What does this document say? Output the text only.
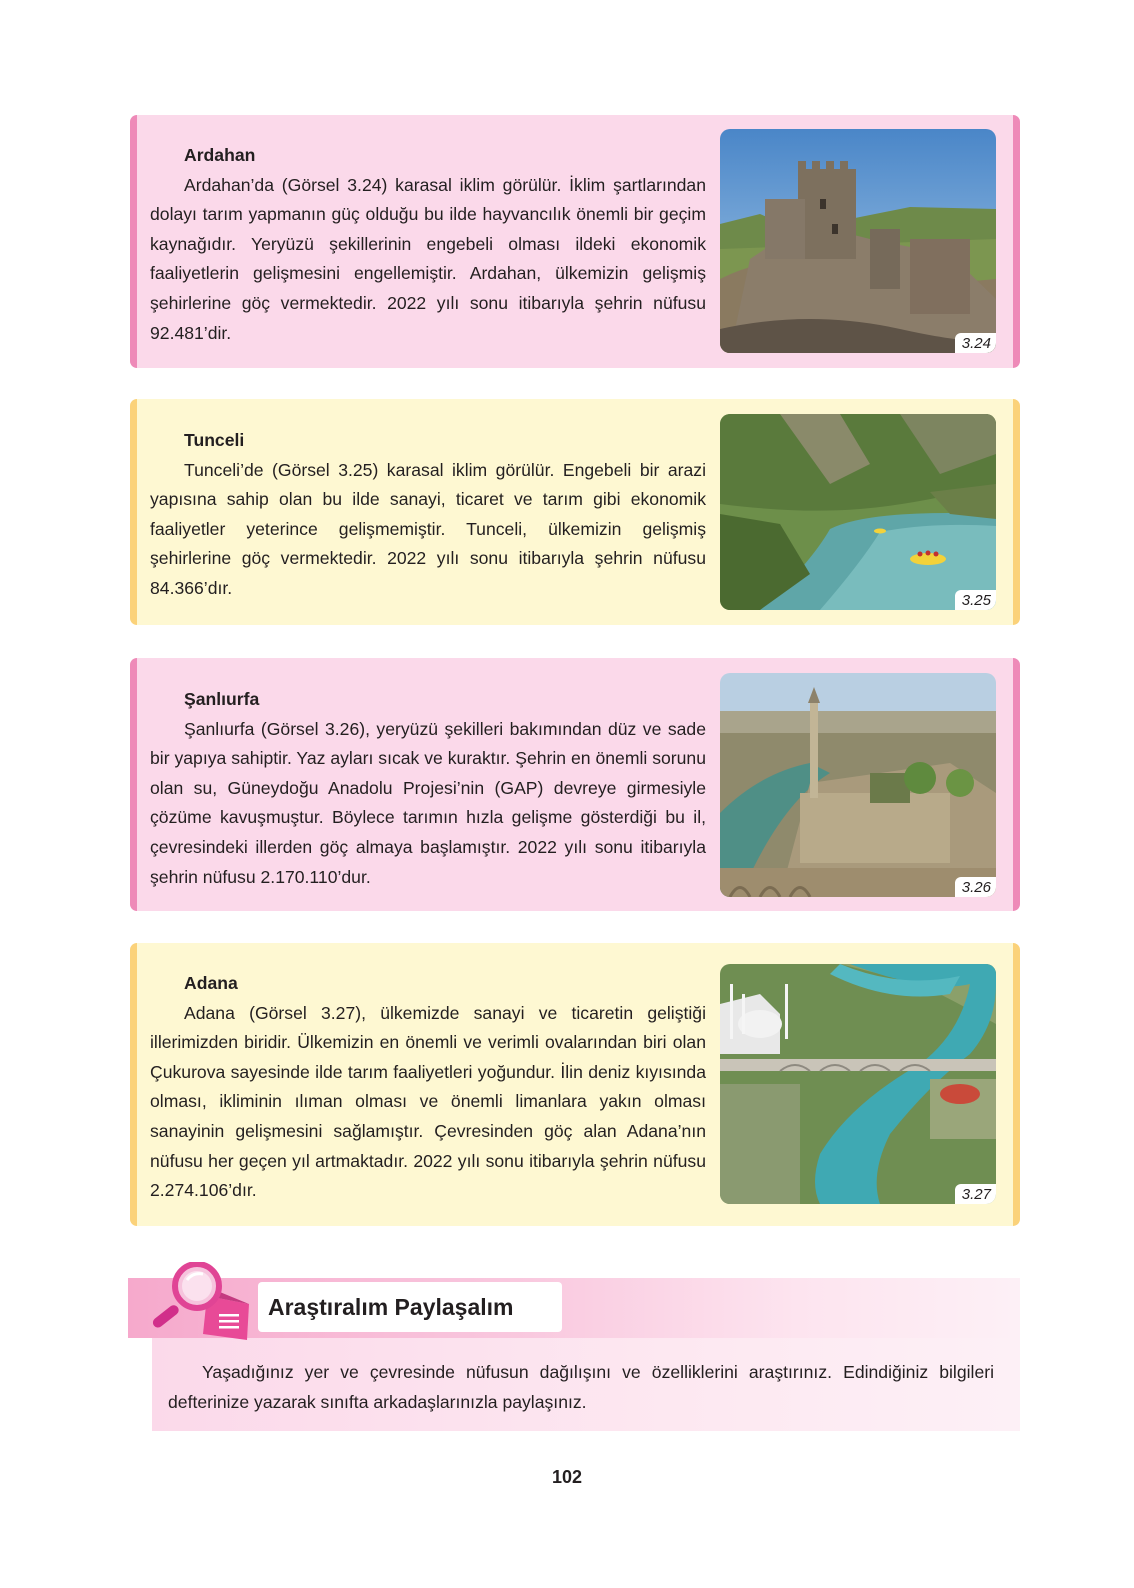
Ardahan

Ardahan’da (Görsel 3.24) karasal iklim görülür. İklim şartlarından dolayı tarım yapmanın güç olduğu bu ilde hayvancılık önemli bir geçim kaynağıdır. Yeryüzü şekillerinin engebeli olması ildeki ekonomik faaliyetlerin gelişmesini engellemiştir. Ardahan, ülkemizin gelişmiş şehirlerine göç vermektedir. 2022 yılı sonu itibarıyla şehrin nüfusu 92.481’dir.

3.24
Tunceli

Tunceli’de (Görsel 3.25) karasal iklim görülür. Engebeli bir arazi yapısına sahip olan bu ilde sanayi, ticaret ve tarım gibi ekonomik faaliyetler yeterince gelişmemiştir. Tunceli, ülkemizin gelişmiş şehirlerine göç vermektedir. 2022 yılı sonu itibarıyla şehrin nüfusu 84.366’dır.

3.25
Şanlıurfa

Şanlıurfa (Görsel 3.26), yeryüzü şekilleri bakımından düz ve sade bir yapıya sahiptir. Yaz ayları sıcak ve kuraktır. Şehrin en önemli sorunu olan su, Güneydoğu Anadolu Projesi’nin (GAP) devreye girmesiyle çözüme kavuşmuştur. Böylece tarımın hızla gelişme gösterdiği bu il, çevresindeki illerden göç almaya başlamıştır. 2022 yılı sonu itibarıyla şehrin nüfusu 2.170.110’dur.

3.26
Adana

Adana (Görsel 3.27), ülkemizde sanayi ve ticaretin geliştiği illerimizden biridir. Ülkemizin en önemli ve verimli ovalarından biri olan Çukurova sayesinde ilde tarım faaliyetleri yoğundur. İlin deniz kıyısında olması, ikliminin ılıman olması ve önemli limanlara yakın olması sanayinin gelişmesini sağlamıştır. Çevresinden göç alan Adana’nın nüfusu her geçen yıl artmaktadır. 2022 yılı sonu itibarıyla şehrin nüfusu 2.274.106’dır.	3.27

Yaşadığınız yer ve çevresinde nüfusun dağılışını ve özelliklerini araştırınız. Edindiğiniz bilgileri defterinize yazarak sınıfta arkadaşlarınızla paylaşınız.

Araştıralım Paylaşalım
102
